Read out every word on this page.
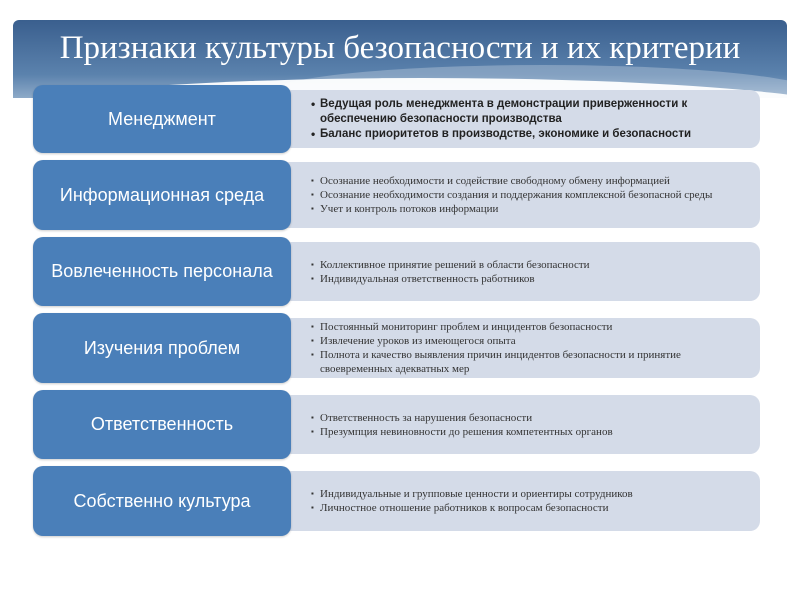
Признаки культуры безопасности и их критерии
Менеджмент
• Ведущая роль менеджмента в демонстрации приверженности к обеспечению безопасности производства
• Баланс приоритетов в производстве, экономике и безопасности
Информационная среда
▪ Осознание необходимости и содействие свободному обмену информацией
▪ Осознание необходимости создания и поддержания комплексной безопасной среды
▪ Учет и контроль потоков информации
Вовлеченность персонала	▪ Коллективное принятие решений в области безопасности
▪ Индивидуальная ответственность работников
Изучения проблем
▪ Постоянный мониторинг проблем и инцидентов безопасности
▪ Извлечение уроков из имеющегося опыта
▪ Полнота и качество выявления причин инцидентов безопасности и принятие своевременных адекватных мер
Ответственность	▪ Ответственность за нарушения безопасности
▪ Презумпция невиновности до решения компетентных органов
Собственно культура	▪ Индивидуальные и групповые ценности и ориентиры сотрудников
▪ Личностное отношение работников к вопросам безопасности
